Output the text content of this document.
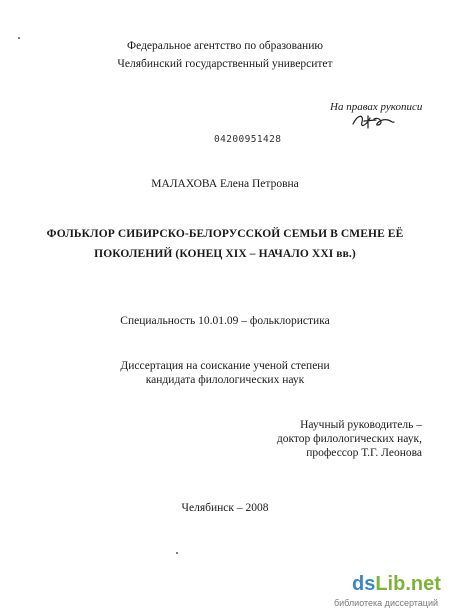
Федеральное агентство по образованию
Челябинский государственный университет
На правах рукописи
04200951428
МАЛАХОВА Елена Петровна
ФОЛЬКЛОР СИБИРСКО-БЕЛОРУССКОЙ СЕМЬИ В СМЕНЕ ЕЁ
ПОКОЛЕНИЙ (КОНЕЦ XIX – НАЧАЛО XXI вв.)
Специальность 10.01.09 – фольклористика
Диссертация на соискание ученой степени
кандидата филологических наук
Научный руководитель –
доктор филологических наук,
профессор Т.Г. Леонова
Челябинск – 2008
dsLib.net
библиотека диссертаций
